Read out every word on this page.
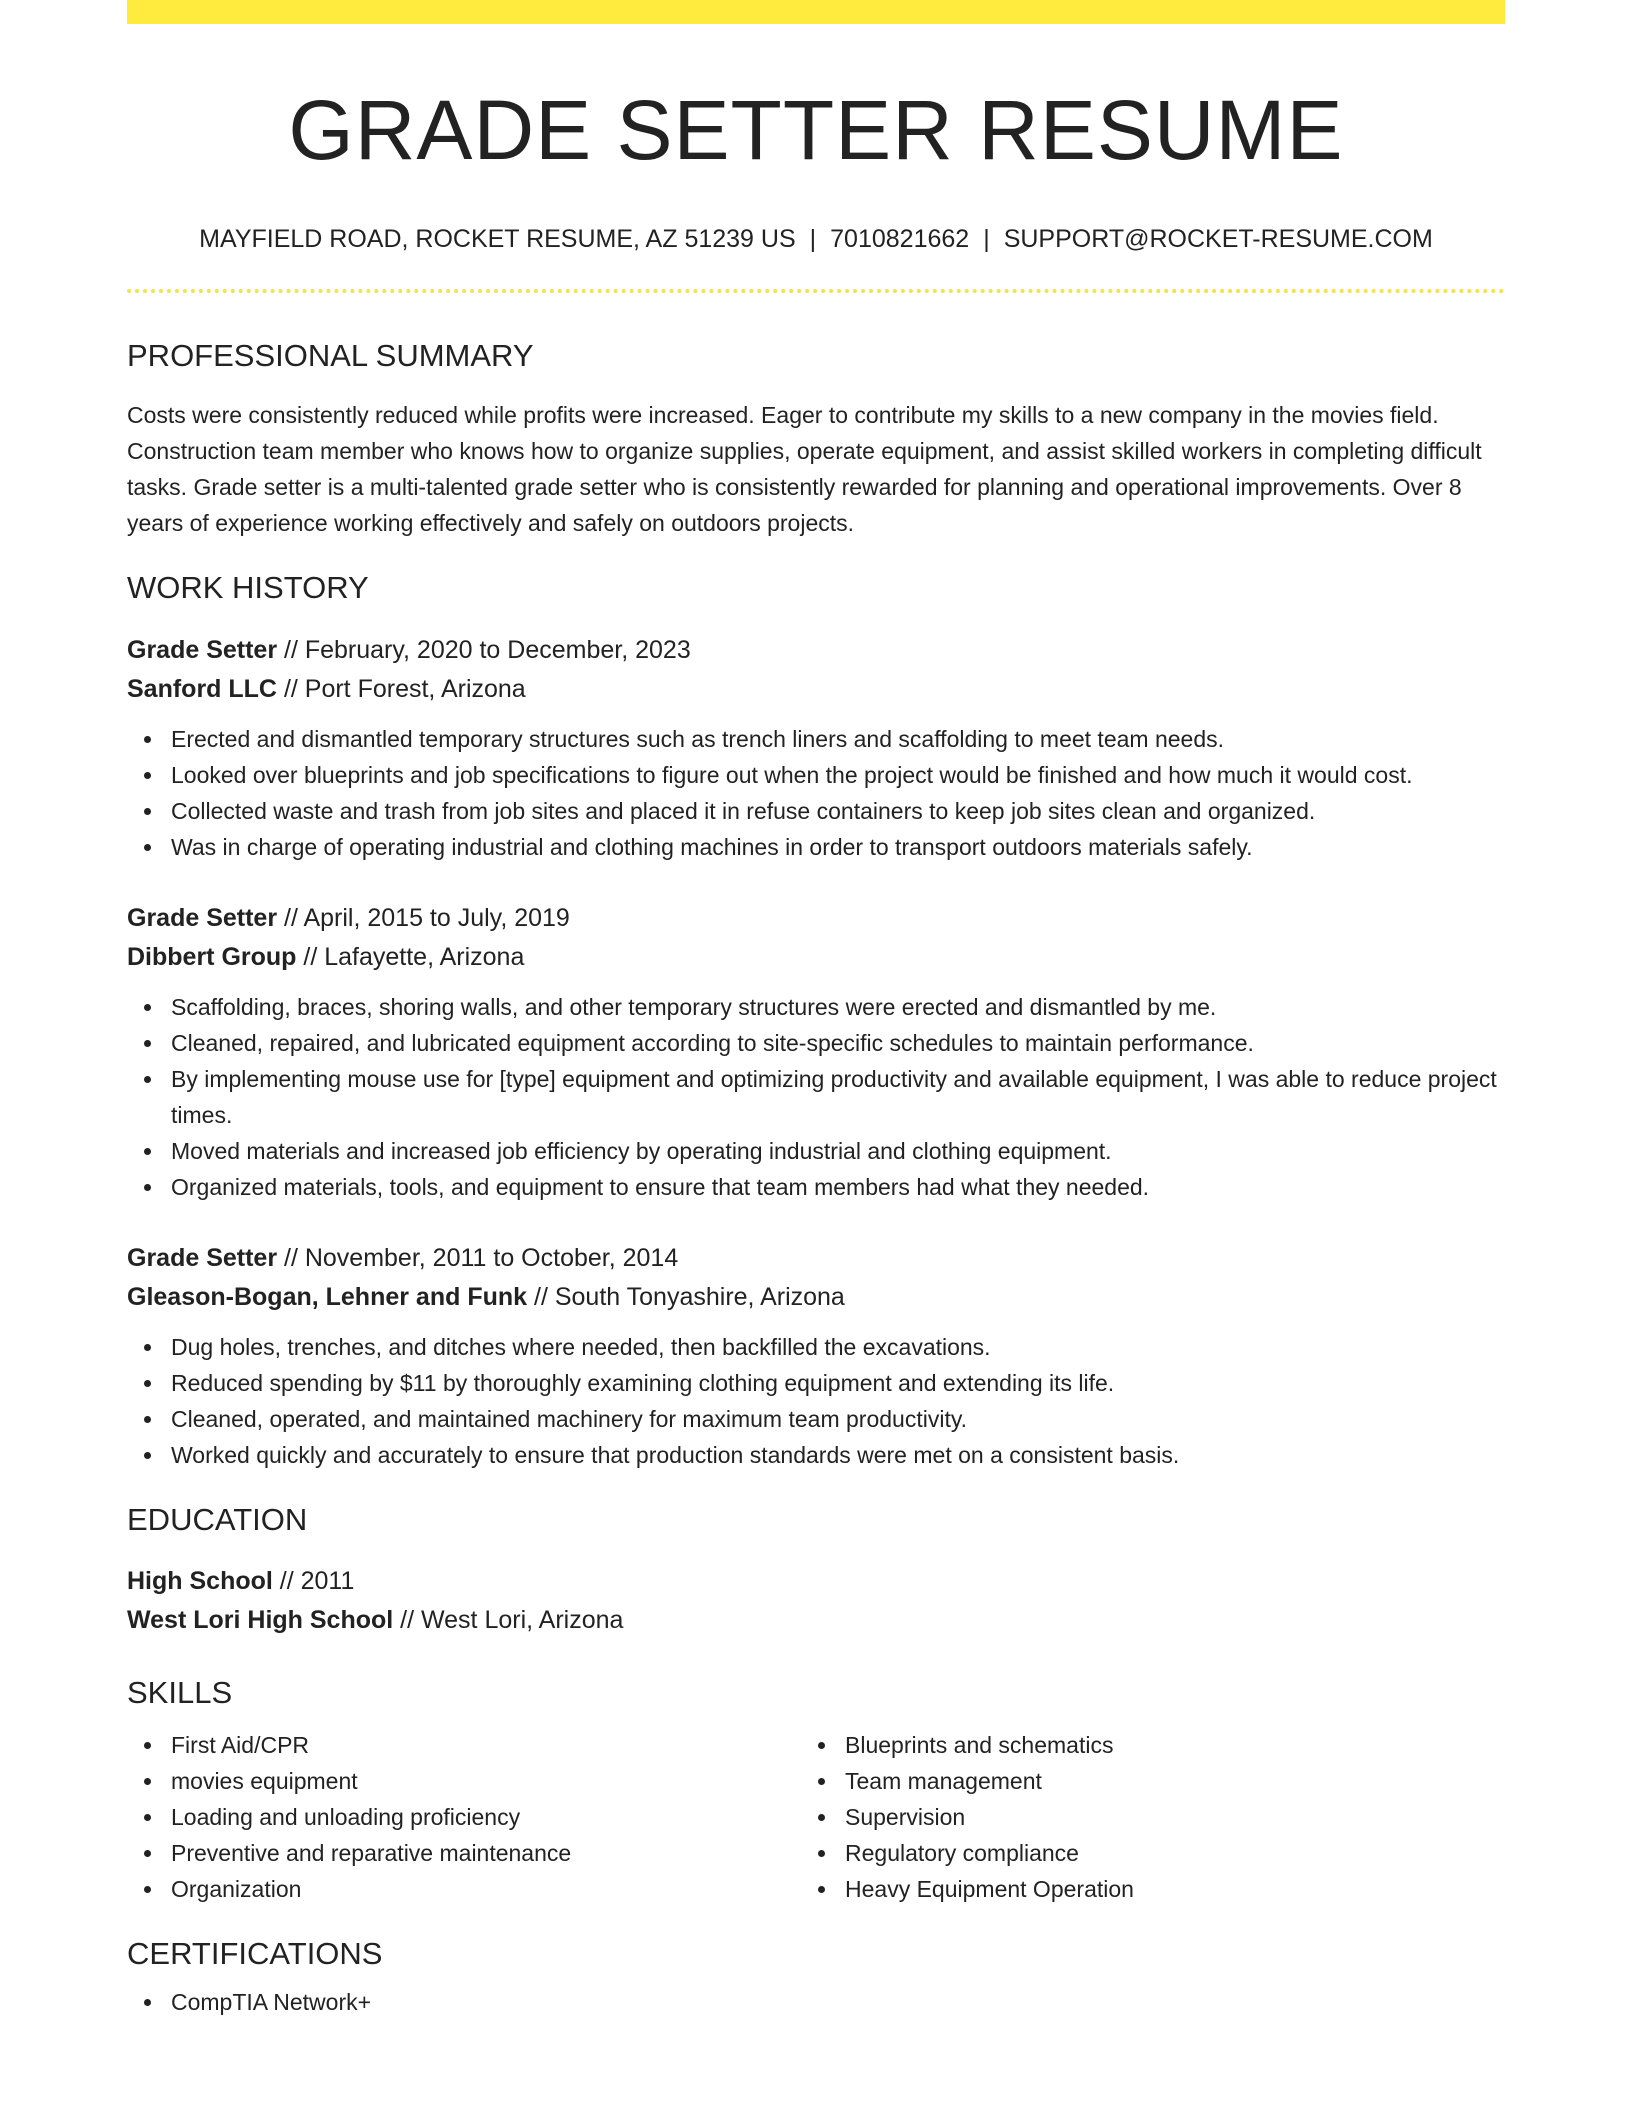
GRADE SETTER RESUME
MAYFIELD ROAD, ROCKET RESUME, AZ 51239 US | 7010821662 | SUPPORT@ROCKET-RESUME.COM
PROFESSIONAL SUMMARY
Costs were consistently reduced while profits were increased. Eager to contribute my skills to a new company in the movies field. Construction team member who knows how to organize supplies, operate equipment, and assist skilled workers in completing difficult tasks. Grade setter is a multi-talented grade setter who is consistently rewarded for planning and operational improvements. Over 8 years of experience working effectively and safely on outdoors projects.
WORK HISTORY
Grade Setter // February, 2020 to December, 2023
Sanford LLC // Port Forest, Arizona
Erected and dismantled temporary structures such as trench liners and scaffolding to meet team needs.
Looked over blueprints and job specifications to figure out when the project would be finished and how much it would cost.
Collected waste and trash from job sites and placed it in refuse containers to keep job sites clean and organized.
Was in charge of operating industrial and clothing machines in order to transport outdoors materials safely.
Grade Setter // April, 2015 to July, 2019
Dibbert Group // Lafayette, Arizona
Scaffolding, braces, shoring walls, and other temporary structures were erected and dismantled by me.
Cleaned, repaired, and lubricated equipment according to site-specific schedules to maintain performance.
By implementing mouse use for [type] equipment and optimizing productivity and available equipment, I was able to reduce project times.
Moved materials and increased job efficiency by operating industrial and clothing equipment.
Organized materials, tools, and equipment to ensure that team members had what they needed.
Grade Setter // November, 2011 to October, 2014
Gleason-Bogan, Lehner and Funk // South Tonyashire, Arizona
Dug holes, trenches, and ditches where needed, then backfilled the excavations.
Reduced spending by $11 by thoroughly examining clothing equipment and extending its life.
Cleaned, operated, and maintained machinery for maximum team productivity.
Worked quickly and accurately to ensure that production standards were met on a consistent basis.
EDUCATION
High School // 2011
West Lori High School // West Lori, Arizona
SKILLS
First Aid/CPR
movies equipment
Loading and unloading proficiency
Preventive and reparative maintenance
Organization
Blueprints and schematics
Team management
Supervision
Regulatory compliance
Heavy Equipment Operation
CERTIFICATIONS
CompTIA Network+
